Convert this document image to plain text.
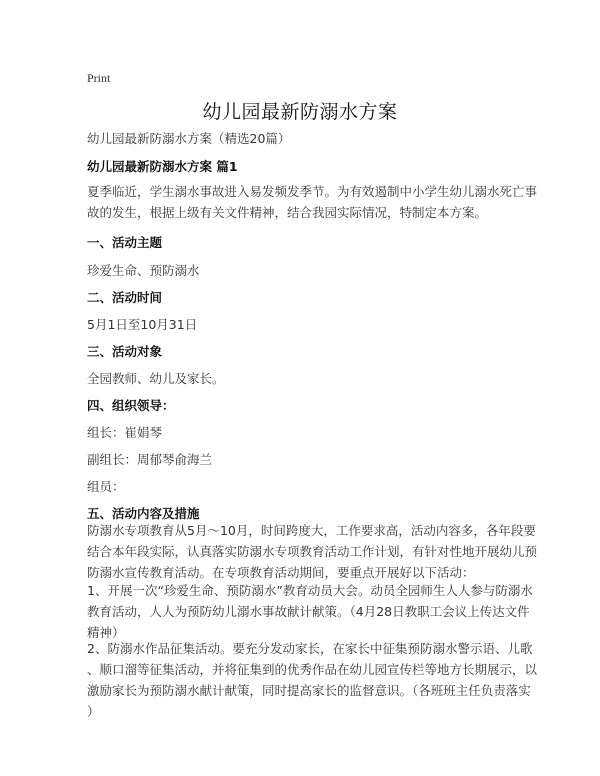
Print
幼儿园最新防溺水方案
幼儿园最新防溺水方案（精选20篇）
幼儿园最新防溺水方案 篇1
夏季临近，学生溺水事故进入易发频发季节。为有效遏制中小学生幼儿溺水死亡事
故的发生，根据上级有关文件精神，结合我园实际情况，特制定本方案。
一、活动主题
珍爱生命、预防溺水
二、活动时间
5月1日至10月31日
三、活动对象
全园教师、幼儿及家长。
四、组织领导：
组长：崔娟琴
副组长：周郁琴俞海兰
组员：
五、活动内容及措施
防溺水专项教育从5月～10月，时间跨度大，工作要求高，活动内容多，各年段要
结合本年段实际，认真落实防溺水专项教育活动工作计划，有针对性地开展幼儿预
防溺水宣传教育活动。在专项教育活动期间，要重点开展好以下活动：
1、开展一次“珍爱生命、预防溺水”教育动员大会。动员全园师生人人参与防溺水
教育活动，人人为预防幼儿溺水事故献计献策。（4月28日教职工会议上传达文件
精神）
2、防溺水作品征集活动。要充分发动家长，在家长中征集预防溺水警示语、儿歌
、顺口溜等征集活动，并将征集到的优秀作品在幼儿园宣传栏等地方长期展示，以
激励家长为预防溺水献计献策，同时提高家长的监督意识。（各班班主任负责落实
）
